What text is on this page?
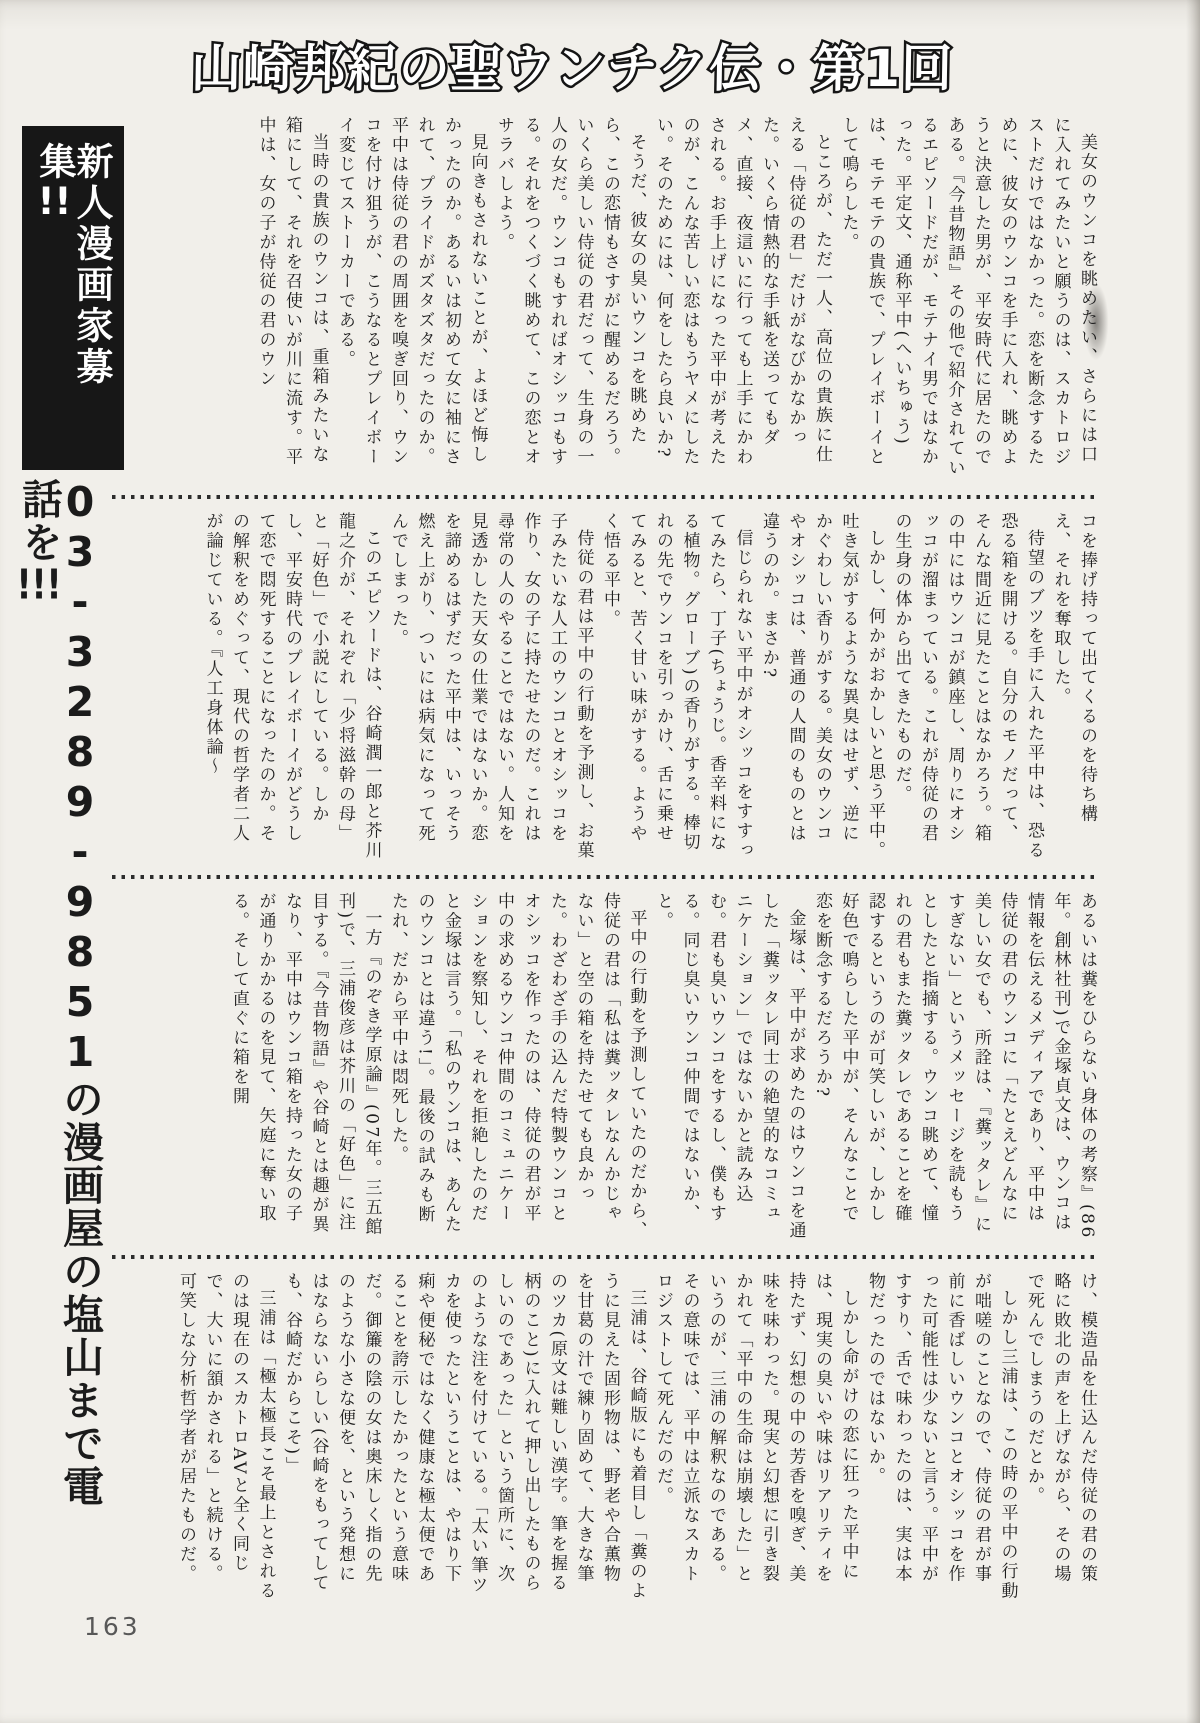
山崎邦紀の聖ウンチク伝・第1回
新人漫画家募集!!
03-3289-9851の漫画屋の塩山まで電話を!!!

美女のウンコを眺めたい、さらには口に入れてみたいと願うのは、スカトロジストだけではなかった。恋を断念するために、彼女のウンコを手に入れ、眺めようと決意した男が、平安時代に居たのである。『今昔物語』その他で紹介されているエピソードだが、モテナイ男ではなかった。平定文、通称平中(へいちゅう)は、モテモテの貴族で、プレイボーイとして鳴らした。

ところが、ただ一人、高位の貴族に仕える「侍従の君」だけがなびかなかった。いくら情熱的な手紙を送ってもダメ、直接、夜這いに行っても上手にかわされる。お手上げになった平中が考えたのが、こんな苦しい恋はもうヤメにしたい。そのためには、何をしたら良いか?

そうだ、彼女の臭いウンコを眺めたら、この恋情もさすがに醒めるだろう。いくら美しい侍従の君だって、生身の一人の女だ。ウンコもすればオシッコもする。それをつくづく眺めて、この恋とオサラバしよう。

見向きもされないことが、よほど悔しかったのか。あるいは初めて女に袖にされて、プライドがズタズタだったのか。平中は侍従の君の周囲を嗅ぎ回り、ウンコを付け狙うが、こうなるとプレイボーイ変じてストーカーである。

当時の貴族のウンコは、重箱みたいな箱にして、それを召使いが川に流す。平中は、女の子が侍従の君のウン

コを捧げ持って出てくるのを待ち構え、それを奪取した。

待望のブツを手に入れた平中は、恐る恐る箱を開ける。自分のモノだって、そんな間近に見たことはなかろう。箱の中にはウンコが鎮座し、周りにオシッコが溜まっている。これが侍従の君の生身の体から出てきたものだ。

しかし、何かがおかしいと思う平中。吐き気がするような異臭はせず、逆にかぐわしい香りがする。美女のウンコやオシッコは、普通の人間のものとは違うのか。まさか?

信じられない平中がオシッコをすすってみたら、丁子(ちょうじ。香辛料になる植物。グローブ)の香りがする。棒切れの先でウンコを引っかけ、舌に乗せてみると、苦く甘い味がする。ようやく悟る平中。

侍従の君は平中の行動を予測し、お菓子みたいな人工のウンコとオシッコを作り、女の子に持たせたのだ。これは尋常の人のやることではない。人知を見透かした天女の仕業ではないか。恋を諦めるはずだった平中は、いっそう燃え上がり、ついには病気になって死んでしまった。

このエピソードは、谷崎潤一郎と芥川龍之介が、それぞれ「少将滋幹の母」と「好色」で小説にしている。しかし、平安時代のプレイボーイがどうして恋で悶死することになったのか。その解釈をめぐって、現代の哲学者二人が論じている。『人工身体論〜

あるいは糞をひらない身体の考察』(86年。創林社刊)で金塚貞文は、ウンコは情報を伝えるメディアであり、平中は侍従の君のウンコに「たとえどんなに美しい女でも、所詮は、『糞ッタレ』にすぎない」というメッセージを読もうとしたと指摘する。ウンコ眺めて、憧れの君もまた糞ッタレであることを確認するというのが可笑しいが、しかし好色で鳴らした平中が、そんなことで恋を断念するだろうか?

金塚は、平中が求めたのはウンコを通した「糞ッタレ同士の絶望的なコミュニケーション」ではないかと読み込む。君も臭いウンコをするし、僕もする。同じ臭いウンコ仲間ではないか、と。

平中の行動を予測していたのだから、侍従の君は「私は糞ッタレなんかじゃない」と空の箱を持たせても良かった。わざわざ手の込んだ特製ウンコとオシッコを作ったのは、侍従の君が平中の求めるウンコ仲間のコミュニケーションを察知し、それを拒絶したのだと金塚は言う。「私のウンコは、あんたのウンコとは違う!」。最後の試みも断たれ、だから平中は悶死した。

一方『のぞき学原論』(07年。三五館刊)で、三浦俊彦は芥川の「好色」に注目する。『今昔物語』や谷崎とは趣が異なり、平中はウンコ箱を持った女の子が通りかかるのを見て、矢庭に奪い取る。そして直ぐに箱を開

け、模造品を仕込んだ侍従の君の策略に敗北の声を上げながら、その場で死んでしまうのだとか。

しかし三浦は、この時の平中の行動が咄嗟のことなので、侍従の君が事前に香ばしいウンコとオシッコを作った可能性は少ないと言う。平中がすすり、舌で味わったのは、実は本物だったのではないか。

しかし命がけの恋に狂った平中には、現実の臭いや味はリアリティを持たず、幻想の中の芳香を嗅ぎ、美味を味わった。現実と幻想に引き裂かれて「平中の生命は崩壊した」というのが、三浦の解釈なのである。その意味では、平中は立派なスカトロジストして死んだのだ。

三浦は、谷崎版にも着目し「糞のように見えた固形物は、野老や合薫物を甘葛の汁で練り固めて、大きな筆のツカ(原文は難しい漢字。筆を握る柄のこと)に入れて押し出したものらしいのであった」という箇所に、次のような注を付けている。「太い筆ツカを使ったということは、やはり下痢や便秘ではなく健康な極太便であることを誇示したかったという意味だ。御簾の陰の女は奥床しく指の先のような小さな便を、という発想にはならないらしい(谷崎をもってしても、谷崎だからこそ)」

三浦は「極太極長こそ最上とされるのは現在のスカトロAVと全く同じで、大いに頷かされる」と続ける。可笑しな分析哲学者が居たものだ。

163
